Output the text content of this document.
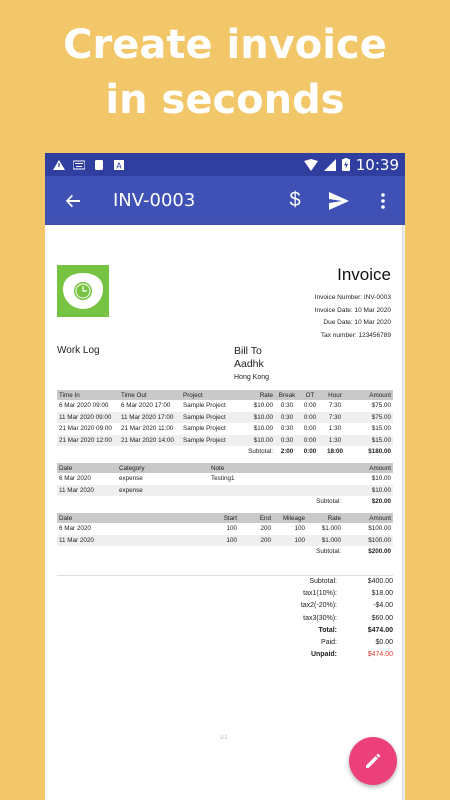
Create invoice
in seconds
A	10:39
INV-0003	$
Invoice
Invoice Number: INV-0003
Invoice Date: 10 Mar 2020
Due Date: 10 Mar 2020
Tax number: 123456789
Work Log	Bill To
Aadhk
Hong Kong
Time In	Time Out	Project	Rate	Break	OT	Hour	Amount
6 Mar 2020 09:00	6 Mar 2020 17:00	Sample Project	$10.00	0:30	0:00	7:30	$75.00
11 Mar 2020 09:00	11 Mar 2020 17:00	Sample Project	$10.00	0:30	0:00	7:30	$75.00
21 Mar 2020 09:00	21 Mar 2020 11:00	Sample Project	$10.00	0:30	0:00	1:30	$15.00
21 Mar 2020 12:00	21 Mar 2020 14:00	Sample Project	$10.00	0:30	0:00	1:30	$15.00
			Subtotal:	2:00	0:00	18:00	$180.00
Date	Category	Note	Amount
6 Mar 2020	expense	Testing1	$10.00
11 Mar 2020	expense		$10.00
		Subtotal:	$20.00
Date	Start	End	Mileage	Rate	Amount
6 Mar 2020	100	200	100	$1.000	$100.00
11 Mar 2020	100	200	100	$1.000	$100.00
				Subtotal:	$200.00
Subtotal:	$400.00
tax1(10%):	$18.00
tax2(-20%):	-$4.00
tax3(30%):	$60.00
Total:	$474.00
Paid:	$0.00
Unpaid:	$474.00
1/1
